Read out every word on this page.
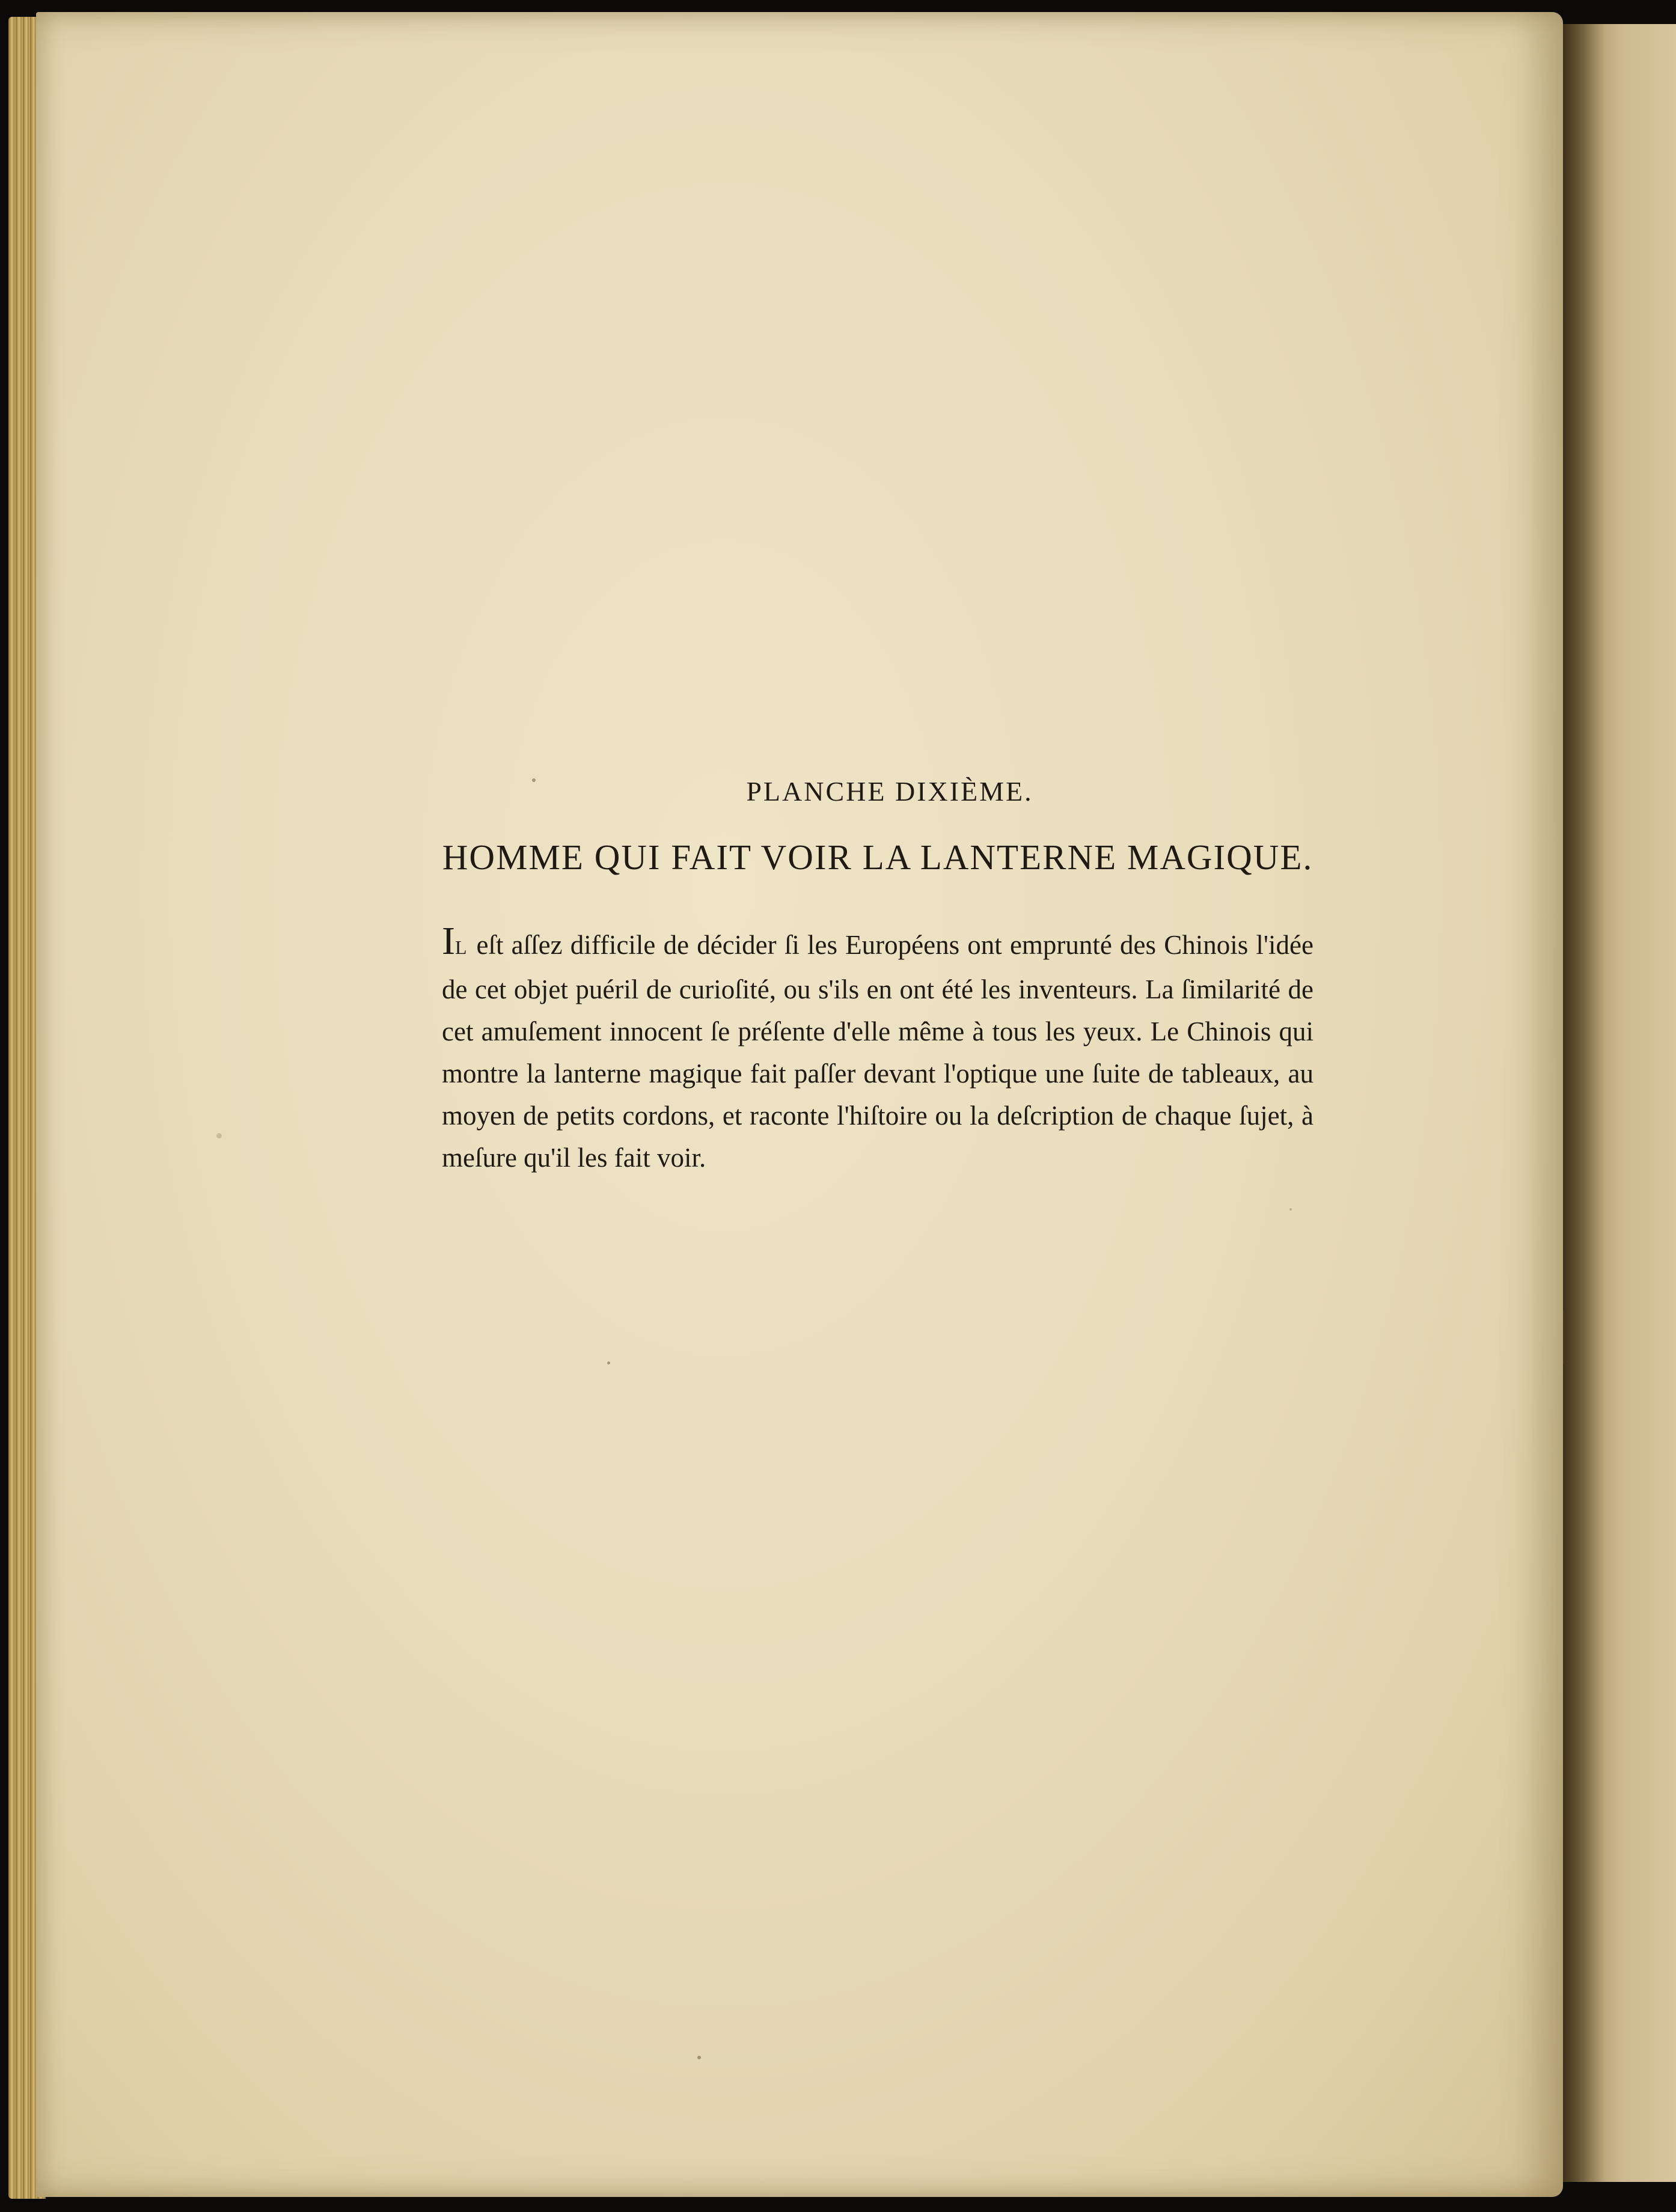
PLANCHE DIXIÈME.
HOMME QUI FAIT VOIR LA LANTERNE MAGIQUE.

IL eſt aſſez difficile de décider ſi les Européens ont emprunté des Chinois l'idée de cet objet puéril de curioſité, ou s'ils en ont été les inventeurs. La ſimilarité de cet amuſement innocent ſe préſente d'elle même à tous les yeux. Le Chinois qui montre la lanterne magique fait paſſer devant l'optique une ſuite de tableaux, au moyen de petits cordons, et raconte l'hiſtoire ou la deſcription de chaque ſujet, à meſure qu'il les fait voir.
